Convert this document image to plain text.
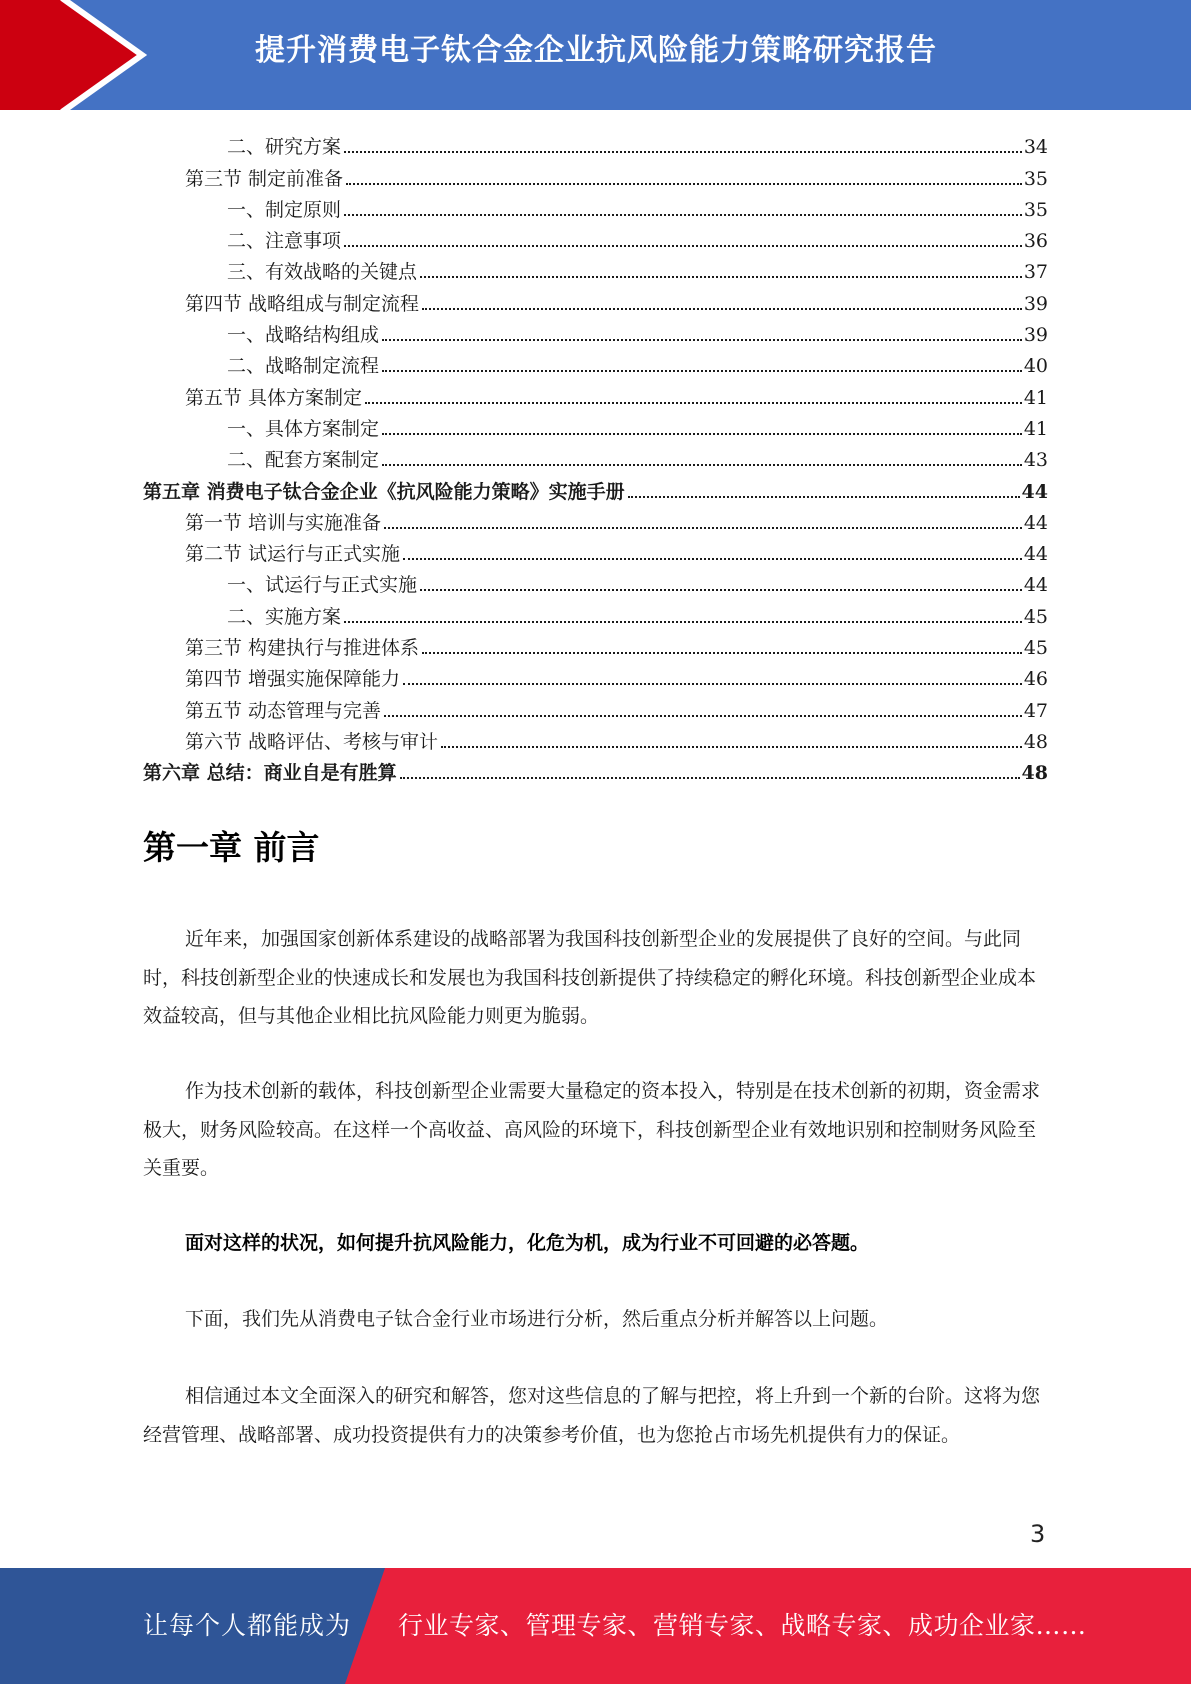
提升消费电子钛合金企业抗风险能力策略研究报告
二、研究方案	34
第三节 制定前准备	35
一、制定原则	35
二、注意事项	36
三、有效战略的关键点	37
第四节 战略组成与制定流程	39
一、战略结构组成	39
二、战略制定流程	40
第五节 具体方案制定	41
一、具体方案制定	41
二、配套方案制定	43
第五章 消费电子钛合金企业《抗风险能力策略》实施手册	44
第一节 培训与实施准备	44
第二节 试运行与正式实施	44
一、试运行与正式实施	44
二、实施方案	45
第三节 构建执行与推进体系	45
第四节 增强实施保障能力	46
第五节 动态管理与完善	47
第六节 战略评估、考核与审计	48
第六章 总结：商业自是有胜算	48
第一章 前言

近年来，加强国家创新体系建设的战略部署为我国科技创新型企业的发展提供了良好的空间。与此同时，科技创新型企业的快速成长和发展也为我国科技创新提供了持续稳定的孵化环境。科技创新型企业成本效益较高，但与其他企业相比抗风险能力则更为脆弱。

作为技术创新的载体，科技创新型企业需要大量稳定的资本投入，特别是在技术创新的初期，资金需求极大，财务风险较高。在这样一个高收益、高风险的环境下，科技创新型企业有效地识别和控制财务风险至关重要。

面对这样的状况，如何提升抗风险能力，化危为机，成为行业不可回避的必答题。

下面，我们先从消费电子钛合金行业市场进行分析，然后重点分析并解答以上问题。

相信通过本文全面深入的研究和解答，您对这些信息的了解与把控，将上升到一个新的台阶。这将为您经营管理、战略部署、成功投资提供有力的决策参考价值，也为您抢占市场先机提供有力的保证。

3
让每个人都能成为 行业专家、管理专家、营销专家、战略专家、成功企业家……
